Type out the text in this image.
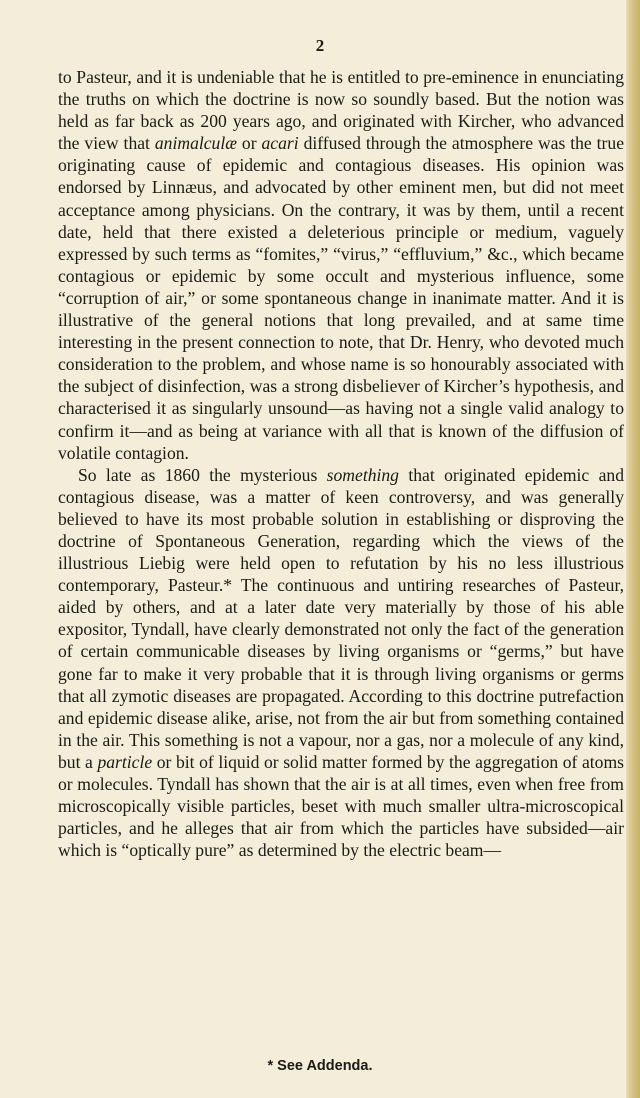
2

to Pasteur, and it is undeniable that he is entitled to pre-eminence in enunciating the truths on which the doctrine is now so soundly based. But the notion was held as far back as 200 years ago, and originated with Kircher, who advanced the view that animalculæ or acari diffused through the atmosphere was the true originating cause of epidemic and contagious diseases. His opinion was endorsed by Linnæus, and advocated by other eminent men, but did not meet acceptance among physicians. On the contrary, it was by them, until a recent date, held that there existed a deleterious principle or medium, vaguely expressed by such terms as “fomites,” “virus,” “effluvium,” &c., which became contagious or epidemic by some occult and mysterious influence, some “corruption of air,” or some spontaneous change in inanimate matter. And it is illustrative of the general notions that long prevailed, and at same time interesting in the present connection to note, that Dr. Henry, who devoted much consideration to the problem, and whose name is so honourably associated with the subject of disinfection, was a strong disbeliever of Kircher’s hypothesis, and characterised it as singularly unsound—as having not a single valid analogy to confirm it—and as being at variance with all that is known of the diffusion of volatile contagion.

So late as 1860 the mysterious something that originated epidemic and contagious disease, was a matter of keen controversy, and was generally believed to have its most probable solution in establishing or disproving the doctrine of Spontaneous Generation, regarding which the views of the illustrious Liebig were held open to refutation by his no less illustrious contemporary, Pasteur.* The continuous and untiring researches of Pasteur, aided by others, and at a later date very materially by those of his able expositor, Tyndall, have clearly demonstrated not only the fact of the generation of certain communicable diseases by living organisms or “germs,” but have gone far to make it very probable that it is through living organisms or germs that all zymotic diseases are propagated. According to this doctrine putrefaction and epidemic disease alike, arise, not from the air but from something contained in the air. This something is not a vapour, nor a gas, nor a molecule of any kind, but a particle or bit of liquid or solid matter formed by the aggregation of atoms or molecules. Tyndall has shown that the air is at all times, even when free from microscopically visible particles, beset with much smaller ultra-microscopical particles, and he alleges that air from which the particles have subsided—air which is “optically pure” as determined by the electric beam—

* See Addenda.
